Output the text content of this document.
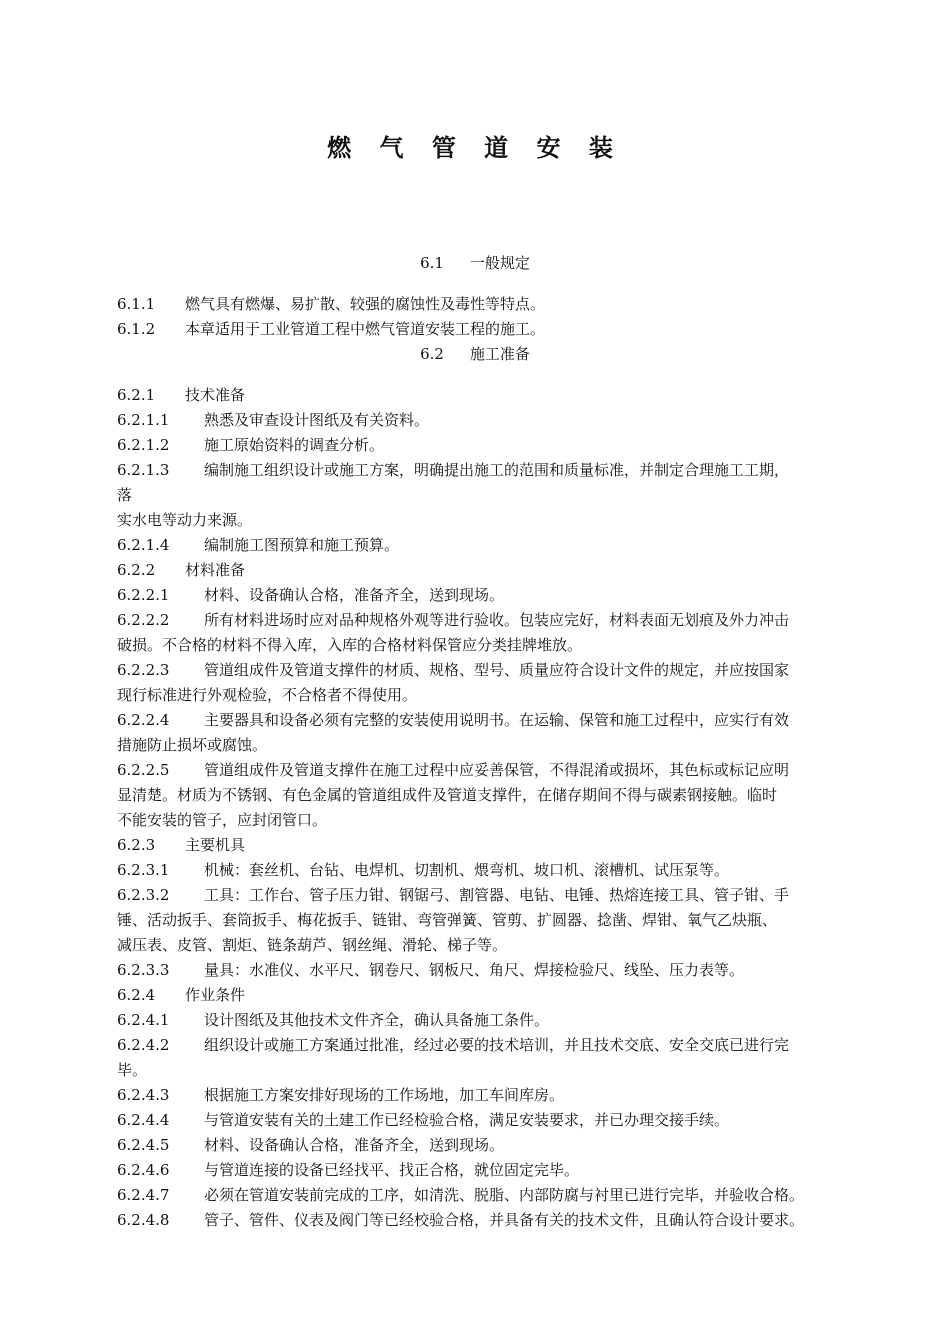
燃 气 管 道 安 装
6.1 一般规定
6.1.1 燃气具有燃爆、易扩散、较强的腐蚀性及毒性等特点。
6.1.2 本章适用于工业管道工程中燃气管道安装工程的施工。
6.2 施工准备
6.2.1 技术准备
6.2.1.1 熟悉及审查设计图纸及有关资料。
6.2.1.2 施工原始资料的调查分析。
6.2.1.3 编制施工组织设计或施工方案，明确提出施工的范围和质量标准，并制定合理施工工期，
落
实水电等动力来源。
6.2.1.4 编制施工图预算和施工预算。
6.2.2 材料准备
6.2.2.1 材料、设备确认合格，准备齐全，送到现场。
6.2.2.2 所有材料进场时应对品种规格外观等进行验收。包装应完好，材料表面无划痕及外力冲击
破损。不合格的材料不得入库，入库的合格材料保管应分类挂牌堆放。
6.2.2.3 管道组成件及管道支撑件的材质、规格、型号、质量应符合设计文件的规定，并应按国家
现行标准进行外观检验，不合格者不得使用。
6.2.2.4 主要器具和设备必须有完整的安装使用说明书。在运输、保管和施工过程中，应实行有效
措施防止损坏或腐蚀。
6.2.2.5 管道组成件及管道支撑件在施工过程中应妥善保管，不得混淆或损坏，其色标或标记应明
显清楚。材质为不锈钢、有色金属的管道组成件及管道支撑件，在储存期间不得与碳素钢接触。临时
不能安装的管子，应封闭管口。
6.2.3 主要机具
6.2.3.1 机械：套丝机、台钻、电焊机、切割机、煨弯机、坡口机、滚槽机、试压泵等。
6.2.3.2 工具：工作台、管子压力钳、钢锯弓、割管器、电钻、电锤、热熔连接工具、管子钳、手
锤、活动扳手、套筒扳手、梅花扳手、链钳、弯管弹簧、管剪、扩圆器、捻凿、焊钳、氧气乙炔瓶、
减压表、皮管、割炬、链条葫芦、钢丝绳、滑轮、梯子等。
6.2.3.3 量具：水准仪、水平尺、钢卷尺、钢板尺、角尺、焊接检验尺、线坠、压力表等。
6.2.4 作业条件
6.2.4.1 设计图纸及其他技术文件齐全，确认具备施工条件。
6.2.4.2 组织设计或施工方案通过批准，经过必要的技术培训，并且技术交底、安全交底已进行完
毕。
6.2.4.3 根据施工方案安排好现场的工作场地，加工车间库房。
6.2.4.4 与管道安装有关的土建工作已经检验合格，满足安装要求，并已办理交接手续。
6.2.4.5 材料、设备确认合格，准备齐全，送到现场。
6.2.4.6 与管道连接的设备已经找平、找正合格，就位固定完毕。
6.2.4.7 必须在管道安装前完成的工序，如清洗、脱脂、内部防腐与衬里已进行完毕，并验收合格。
6.2.4.8 管子、管件、仪表及阀门等已经校验合格，并具备有关的技术文件，且确认符合设计要求。
